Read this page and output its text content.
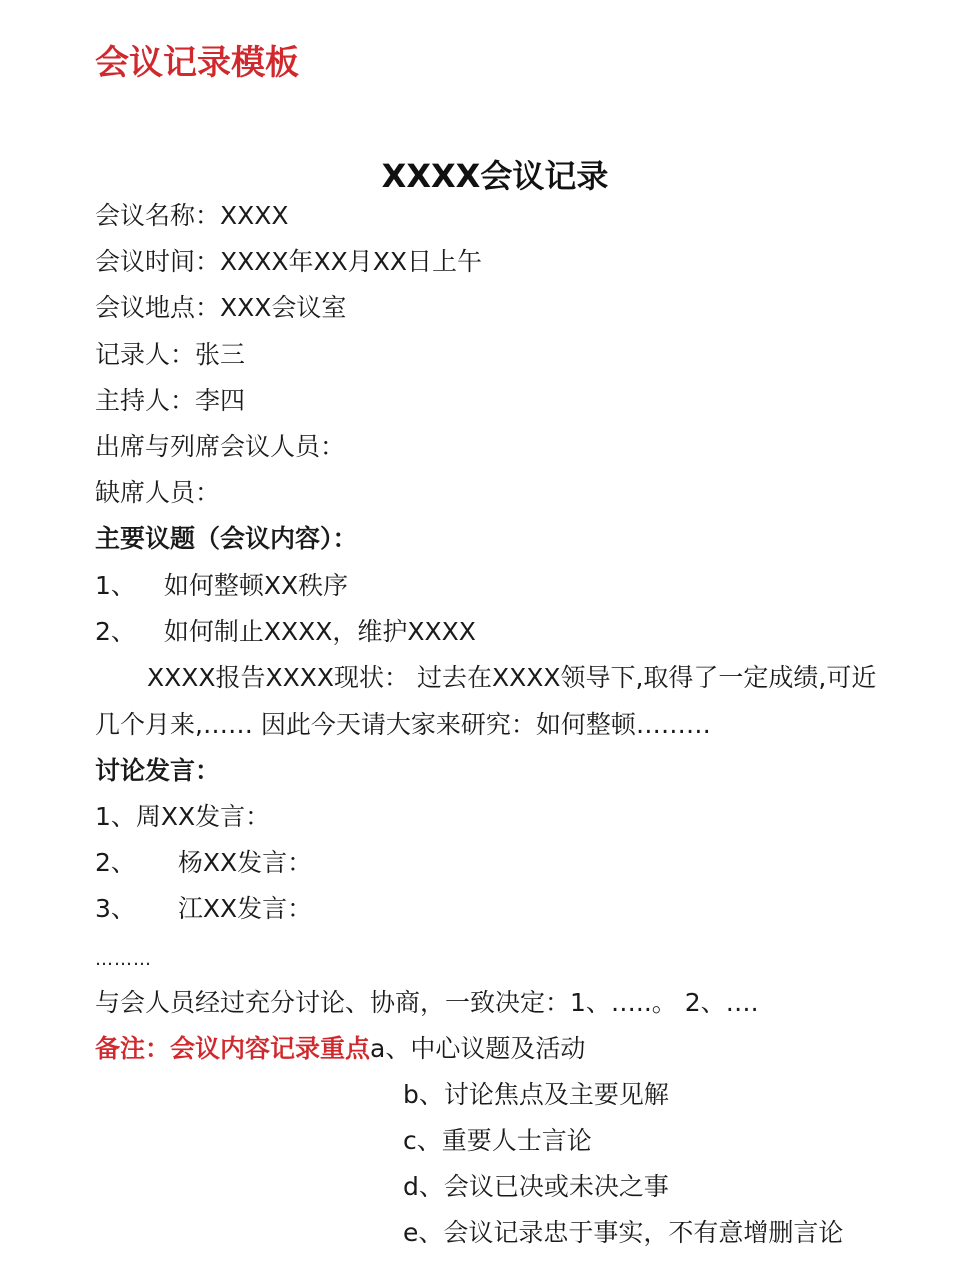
会议记录模板
XXXX会议记录
会议名称：XXXX
会议时间：XXXX年XX月XX日上午
会议地点：XXX会议室
记录人：张三
主持人：李四
出席与列席会议人员：
缺席人员：
主要议题（会议内容）：
1、 如何整顿XX秩序
2、 如何制止XXXX，维护XXXX
XXXX报告XXXX现状： 过去在XXXX领导下,取得了一定成绩,可近
几个月来,…… 因此今天请大家来研究：如何整顿………
讨论发言：
1、周XX发言：
2、 杨XX发言：
3、 江XX发言：
………
与会人员经过充分讨论、协商，一致决定：1、…..。 2、….
备注：会议内容记录重点a、中心议题及活动
b、讨论焦点及主要见解
c、重要人士言论
d、会议已决或未决之事
e、会议记录忠于事实，不有意增删言论
